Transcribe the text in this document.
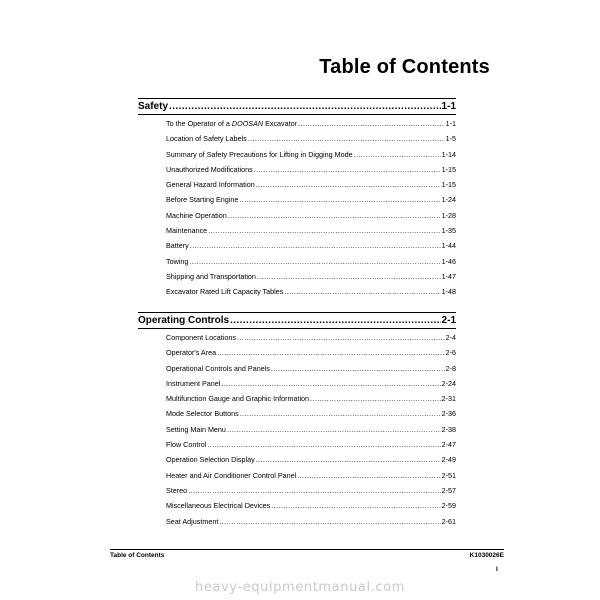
Table of Contents
Safety .....	1-1
To the Operator of a DOOSAN Excavator .....	1-1
Location of Safety Labels .....	1-5
Summary of Safety Precautions for Lifting in Digging Mode .....	1-14
Unauthorized Modifications .....	1-15
General Hazard Information .....	1-15
Before Starting Engine .....	1-24
Machine Operation .....	1-28
Maintenance .....	1-35
Battery .....	1-44
Towing .....	1-46
Shipping and Transportation .....	1-47
Excavator Rated Lift Capacity Tables .....	1-48
Operating Controls .....	2-1
Component Locations .....	2-4
Operator's Area .....	2-6
Operational Controls and Panels .....	2-8
Instrument Panel .....	2-24
Multifunction Gauge and Graphic Information .....	2-31
Mode Selector Buttons .....	2-36
Setting Main Menu .....	2-38
Flow Control .....	2-47
Operation Selection Display .....	2-49
Heater and Air Conditioner Control Panel .....	2-51
Stereo .....	2-57
Miscellaneous Electrical Devices .....	2-59
Seat Adjustment .....	2-61
Table of Contents	K1030026E
I
heavy-equipmentmanual.com
